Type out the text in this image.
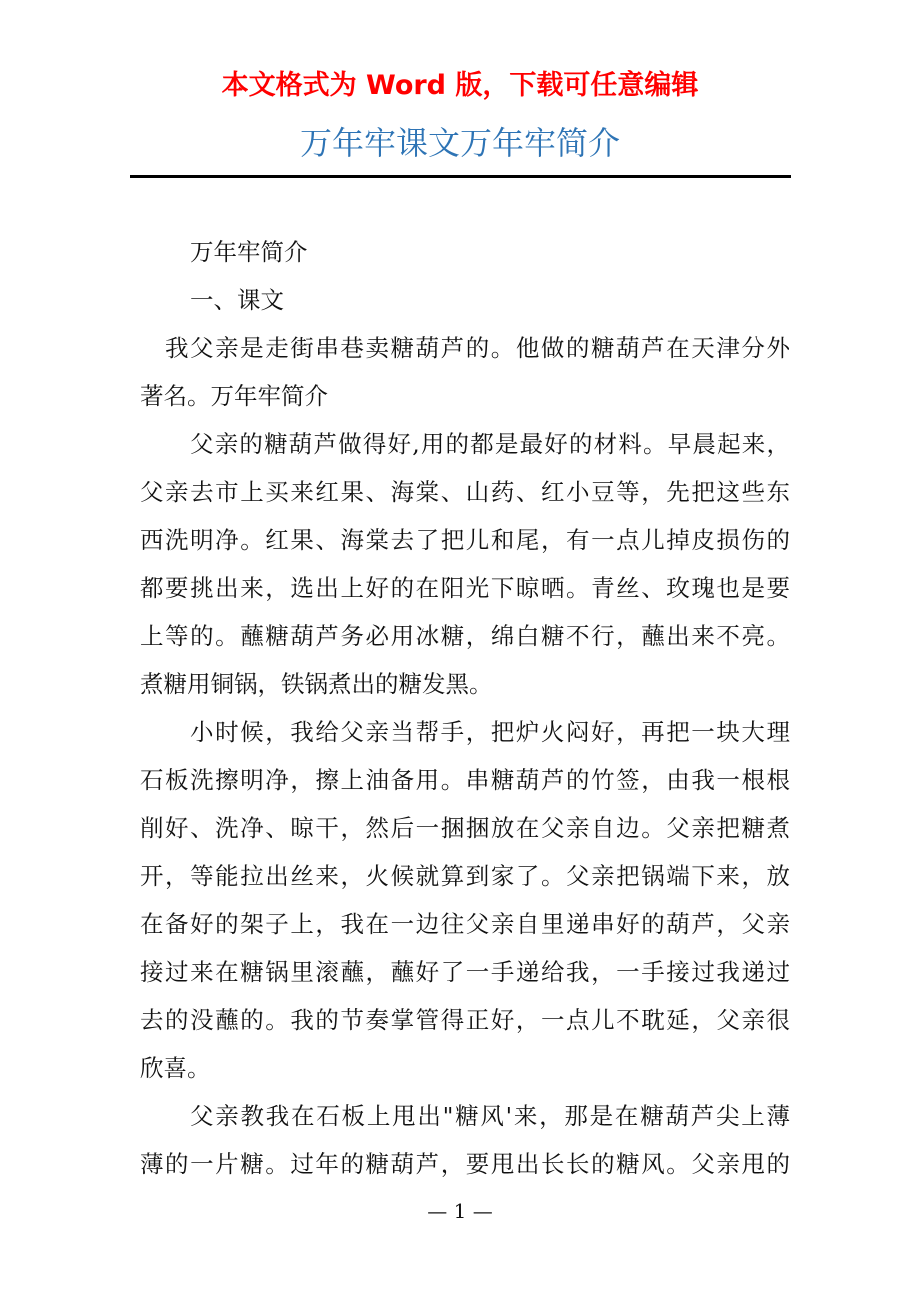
本文格式为 Word 版，下载可任意编辑
万年牢课文万年牢简介
万年牢简介
一、课文
我父亲是走街串巷卖糖葫芦的。他做的糖葫芦在天津分外
著名。万年牢简介
父亲的糖葫芦做得好,用的都是最好的材料。早晨起来，
父亲去市上买来红果、海棠、山药、红小豆等，先把这些东
西洗明净。红果、海棠去了把儿和尾，有一点儿掉皮损伤的
都要挑出来，选出上好的在阳光下晾晒。青丝、玫瑰也是要
上等的。蘸糖葫芦务必用冰糖，绵白糖不行，蘸出来不亮。
煮糖用铜锅，铁锅煮出的糖发黑。
小时候，我给父亲当帮手，把炉火闷好，再把一块大理
石板洗擦明净，擦上油备用。串糖葫芦的竹签，由我一根根
削好、洗净、晾干，然后一捆捆放在父亲自边。父亲把糖煮
开，等能拉出丝来，火候就算到家了。父亲把锅端下来，放
在备好的架子上，我在一边往父亲自里递串好的葫芦，父亲
接过来在糖锅里滚蘸，蘸好了一手递给我，一手接过我递过
去的没蘸的。我的节奏掌管得正好，一点儿不耽延，父亲很
欣喜。
父亲教我在石板上甩出"糖风'来，那是在糖葫芦尖上薄
薄的一片糖。过年的糖葫芦，要甩出长长的糖风。父亲甩的
— 1 —
